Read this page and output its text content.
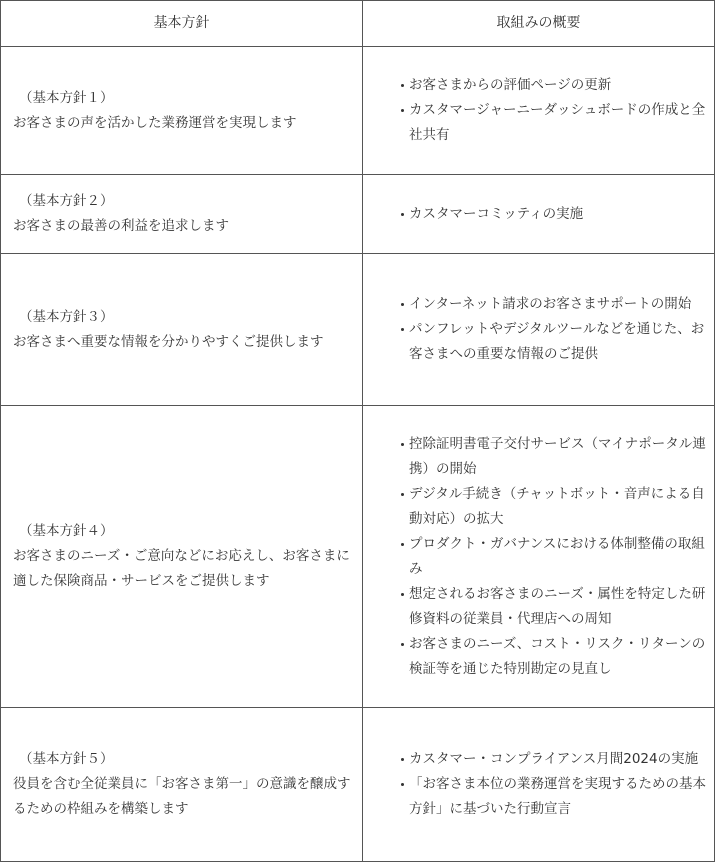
基本方針	取組みの概要
（基本方針１）
お客さまの声を活かした業務運営を実現します
お客さまからの評価ページの更新
カスタマージャーニーダッシュボードの作成と全社共有
（基本方針２）
お客さまの最善の利益を追求します
カスタマーコミッティの実施
（基本方針３）
お客さまへ重要な情報を分かりやすくご提供します
インターネット請求のお客さまサポートの開始
パンフレットやデジタルツールなどを通じた、お客さまへの重要な情報のご提供
（基本方針４）
お客さまのニーズ・ご意向などにお応えし、お客さまに適した保険商品・サービスをご提供します
控除証明書電子交付サービス（マイナポータル連携）の開始
デジタル手続き（チャットボット・音声による自動対応）の拡大
プロダクト・ガバナンスにおける体制整備の取組み
想定されるお客さまのニーズ・属性を特定した研修資料の従業員・代理店への周知
お客さまのニーズ、コスト・リスク・リターンの検証等を通じた特別勘定の見直し
（基本方針５）
役員を含む全従業員に「お客さま第一」の意識を醸成するための枠組みを構築します
カスタマー・コンプライアンス月間2024の実施
「お客さま本位の業務運営を実現するための基本方針」に基づいた行動宣言
